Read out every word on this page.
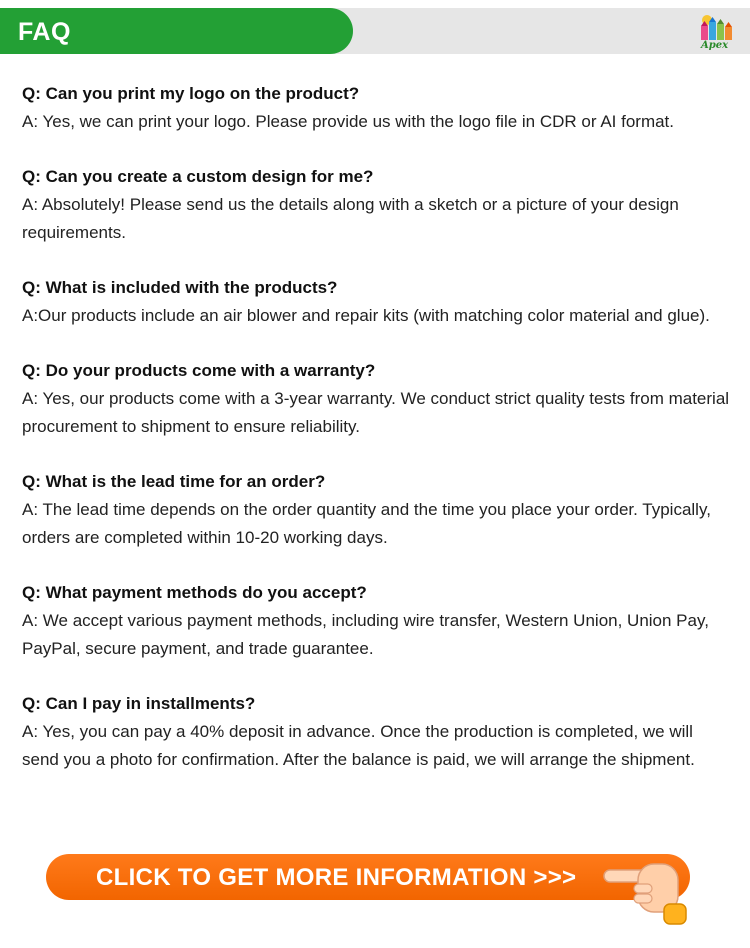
FAQ	Apex
Q: Can you print my logo on the product?
A: Yes, we can print your logo. Please provide us with the logo file in CDR or AI format.
Q: Can you create a custom design for me?
A: Absolutely! Please send us the details along with a sketch or a picture of your design requirements.
Q: What is included with the products?
A:Our products include an air blower and repair kits (with matching color material and glue).
Q: Do your products come with a warranty?
A: Yes, our products come with a 3-year warranty. We conduct strict quality tests from material procurement to shipment to ensure reliability.
Q: What is the lead time for an order?
A: The lead time depends on the order quantity and the time you place your order. Typically, orders are completed within 10-20 working days.
Q: What payment methods do you accept?
A: We accept various payment methods, including wire transfer, Western Union, Union Pay, PayPal, secure payment, and trade guarantee.
Q: Can I pay in installments?
A: Yes, you can pay a 40% deposit in advance. Once the production is completed, we will send you a photo for confirmation. After the balance is paid, we will arrange the shipment.
CLICK TO GET MORE INFORMATION >>>
